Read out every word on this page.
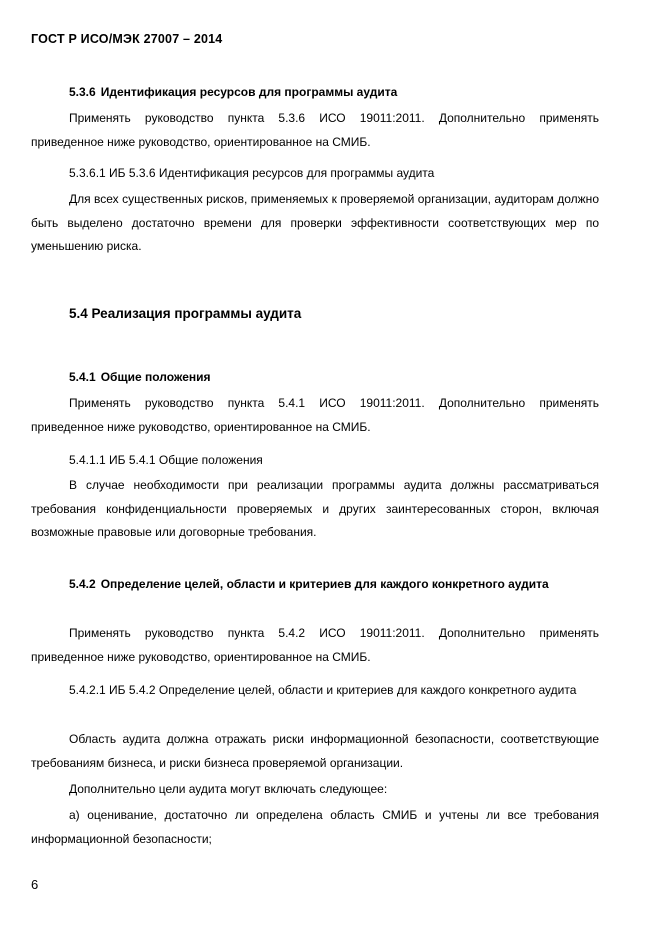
ГОСТ Р ИСО/МЭК 27007 – 2014
5.3.6 Идентификация ресурсов для программы аудита
Применять руководство пункта 5.3.6 ИСО 19011:2011. Дополнительно применять приведенное ниже руководство, ориентированное на СМИБ.
5.3.6.1 ИБ 5.3.6 Идентификация ресурсов для программы аудита
Для всех существенных рисков, применяемых к проверяемой организации, аудиторам должно быть выделено достаточно времени для проверки эффективности соответствующих мер по уменьшению риска.
5.4 Реализация программы аудита
5.4.1 Общие положения
Применять руководство пункта 5.4.1 ИСО 19011:2011. Дополнительно применять приведенное ниже руководство, ориентированное на СМИБ.
5.4.1.1 ИБ 5.4.1 Общие положения
В случае необходимости при реализации программы аудита должны рассматриваться требования конфиденциальности проверяемых и других заинтересованных сторон, включая возможные правовые или договорные требования.
5.4.2 Определение целей, области и критериев для каждого конкретного аудита
Применять руководство пункта 5.4.2 ИСО 19011:2011. Дополнительно применять приведенное ниже руководство, ориентированное на СМИБ.
5.4.2.1 ИБ 5.4.2 Определение целей, области и критериев для каждого конкретного аудита
Область аудита должна отражать риски информационной безопасности, соответствующие требованиям бизнеса, и риски бизнеса проверяемой организации.
Дополнительно цели аудита могут включать следующее:
а) оценивание, достаточно ли определена область СМИБ и учтены ли все требования информационной безопасности;
6
